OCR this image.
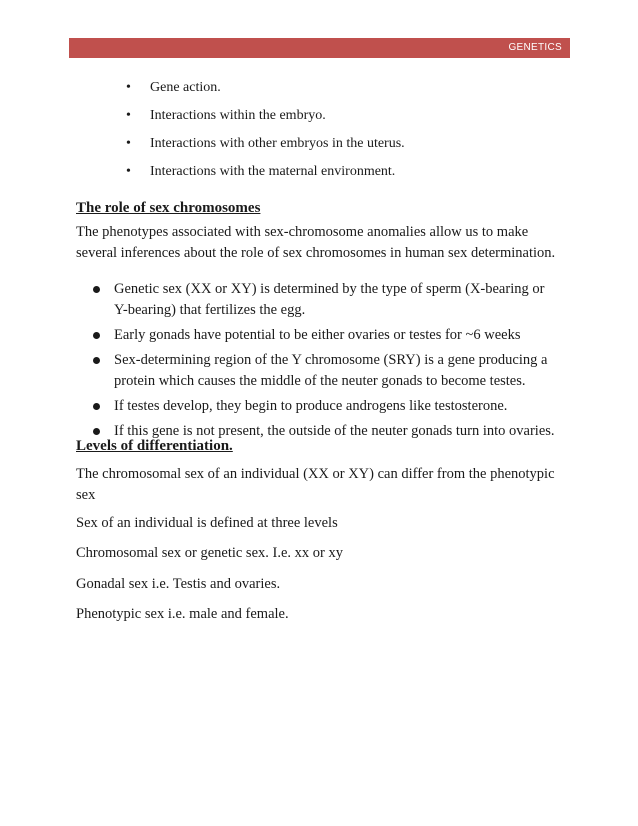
GENETICS
• Gene action.
• Interactions within the embryo.
• Interactions with other embryos in the uterus.
• Interactions with the maternal environment.
The role of sex chromosomes
The phenotypes associated with sex-chromosome anomalies allow us to make several inferences about the role of sex chromosomes in human sex determination.
Genetic sex (XX or XY) is determined by the type of sperm (X-bearing or Y-bearing) that fertilizes the egg.
Early gonads have potential to be either ovaries or testes for ~6 weeks
Sex-determining region of the Y chromosome (SRY) is a gene producing a protein which causes the middle of the neuter gonads to become testes.
If testes develop, they begin to produce androgens like testosterone.
If this gene is not present, the outside of the neuter gonads turn into ovaries.
Levels of differentiation.
The chromosomal sex of an individual (XX or XY) can differ from the phenotypic sex
Sex of an individual is defined at three levels
Chromosomal sex or genetic sex. I.e. xx or xy
Gonadal sex i.e. Testis and ovaries.
Phenotypic sex i.e. male and female.
